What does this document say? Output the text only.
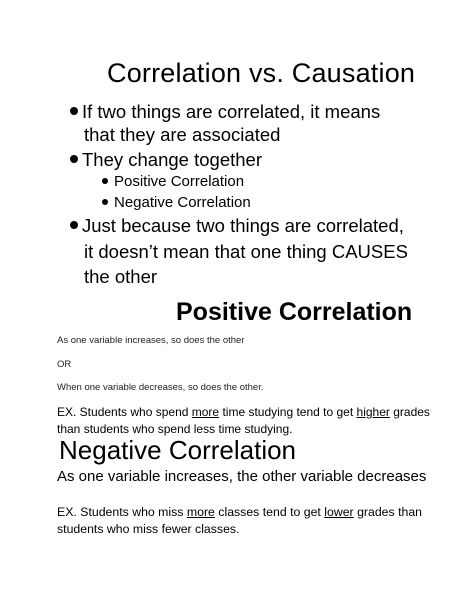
Correlation vs. Causation
If two things are correlated, it means
that they are associated
They change together
Positive Correlation
Negative Correlation
Just because two things are correlated,
it doesn’t mean that one thing CAUSES
the other
Positive Correlation
As one variable increases, so does the other
OR
When one variable decreases, so does the other.
EX. Students who spend more time studying tend to get higher grades
than students who spend less time studying.
Negative Correlation
As one variable increases, the other variable decreases
EX. Students who miss more classes tend to get lower grades than
students who miss fewer classes.
